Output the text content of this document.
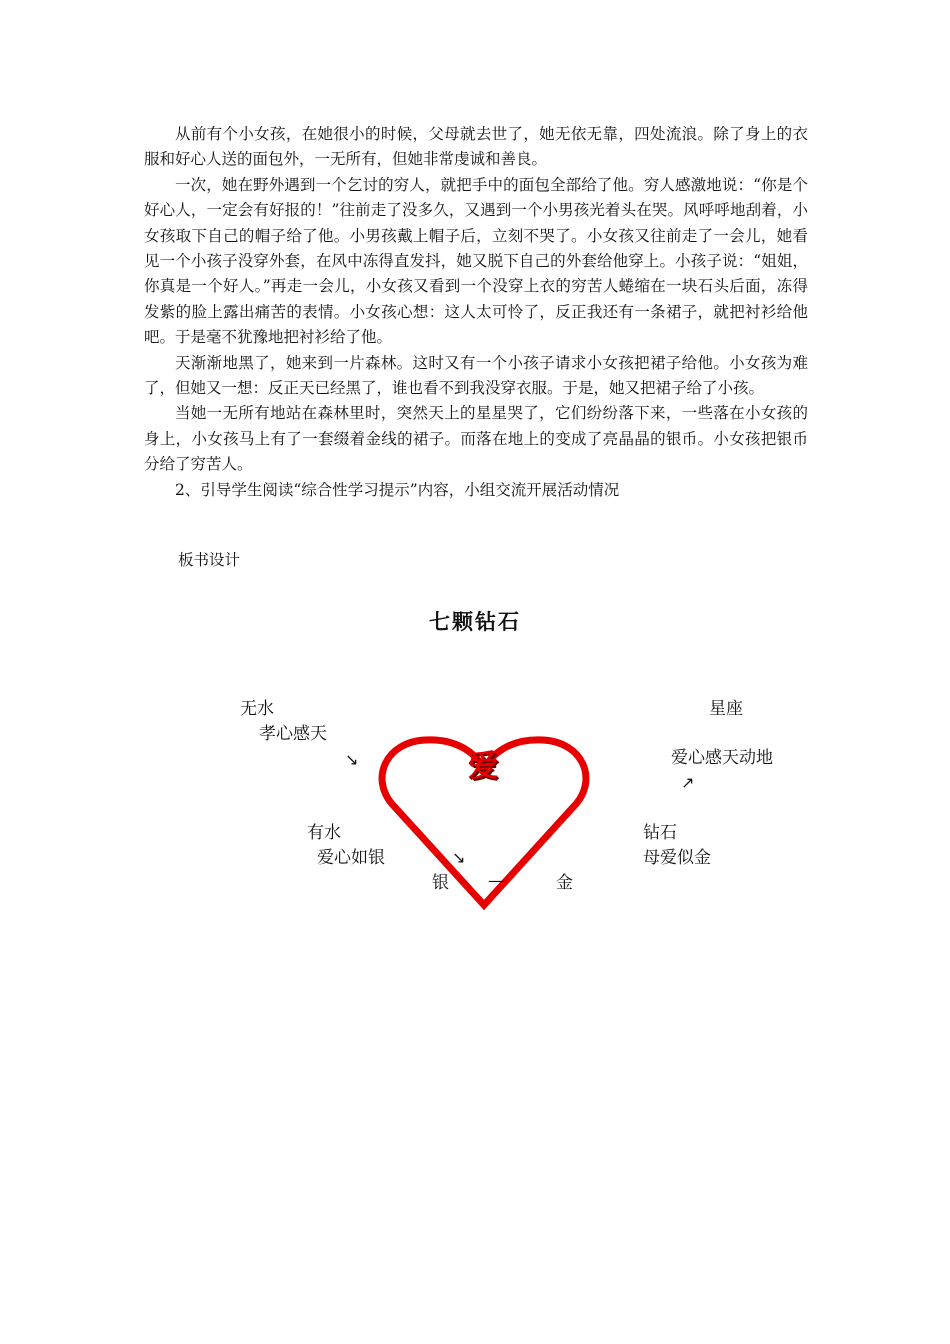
从前有个小女孩，在她很小的时候，父母就去世了，她无依无靠，四处流浪。除了身上的衣服和好心人送的面包外，一无所有，但她非常虔诚和善良。

一次，她在野外遇到一个乞讨的穷人，就把手中的面包全部给了他。穷人感激地说：“你是个好心人，一定会有好报的！”往前走了没多久，又遇到一个小男孩光着头在哭。风呼呼地刮着，小女孩取下自己的帽子给了他。小男孩戴上帽子后，立刻不哭了。小女孩又往前走了一会儿，她看见一个小孩子没穿外套，在风中冻得直发抖，她又脱下自己的外套给他穿上。小孩子说：“姐姐，你真是一个好人。”再走一会儿，小女孩又看到一个没穿上衣的穷苦人蜷缩在一块石头后面，冻得发紫的脸上露出痛苦的表情。小女孩心想：这人太可怜了，反正我还有一条裙子，就把衬衫给他吧。于是毫不犹豫地把衬衫给了他。

天渐渐地黑了，她来到一片森林。这时又有一个小孩子请求小女孩把裙子给他。小女孩为难了，但她又一想：反正天已经黑了，谁也看不到我没穿衣服。于是，她又把裙子给了小孩。

当她一无所有地站在森林里时，突然天上的星星哭了，它们纷纷落下来，一些落在小女孩的身上，小女孩马上有了一套缀着金线的裙子。而落在地上的变成了亮晶晶的银币。小女孩把银币分给了穷苦人。

2、引导学生阅读“综合性学习提示”内容，小组交流开展活动情况

板书设计
七颗钻石
爱
无水
孝心感天
↘
有水
爱心如银	↘
星座
爱心感天动地
↗
钻石
母爱似金
银 —	金
